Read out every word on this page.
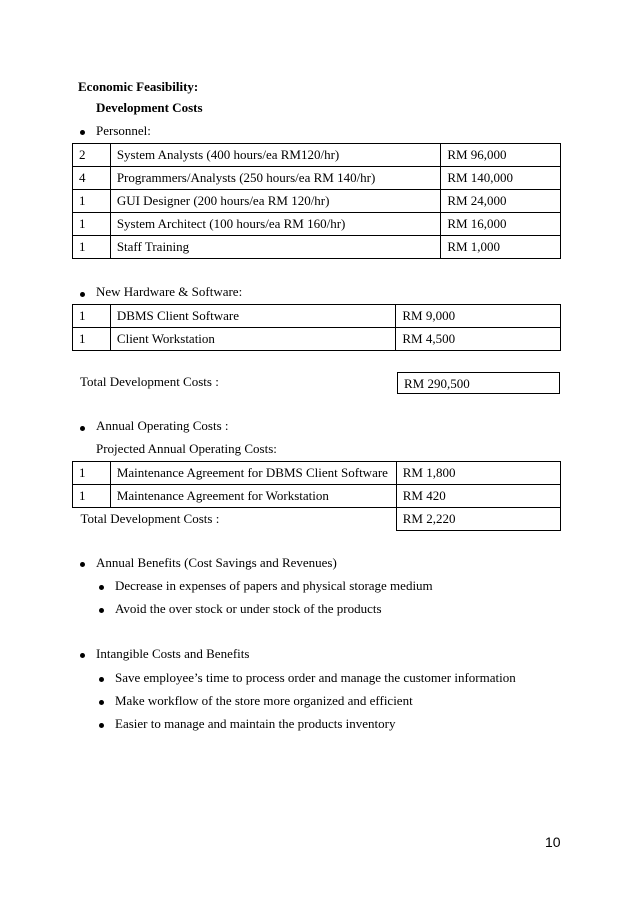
Economic Feasibility:
Development Costs
Personnel:
2	System Analysts (400 hours/ea RM120/hr)	RM 96,000
4	Programmers/Analysts (250 hours/ea RM 140/hr)	RM 140,000
1	GUI Designer (200 hours/ea RM 120/hr)	RM 24,000
1	System Architect (100 hours/ea RM 160/hr)	RM 16,000
1	Staff Training	RM 1,000
New Hardware & Software:
1	DBMS Client Software	RM 9,000
1	Client Workstation	RM 4,500
Total Development Costs :	RM 290,500
Annual Operating Costs :
Projected Annual Operating Costs:
1	Maintenance Agreement for DBMS Client Software	RM 1,800
1	Maintenance Agreement for Workstation	RM 420
Total Development Costs :		RM 2,220
Annual Benefits (Cost Savings and Revenues)
Decrease in expenses of papers and physical storage medium
Avoid the over stock or under stock of the products
Intangible Costs and Benefits
Save employee’s time to process order and manage the customer information
Make workflow of the store more organized and efficient
Easier to manage and maintain the products inventory
10
